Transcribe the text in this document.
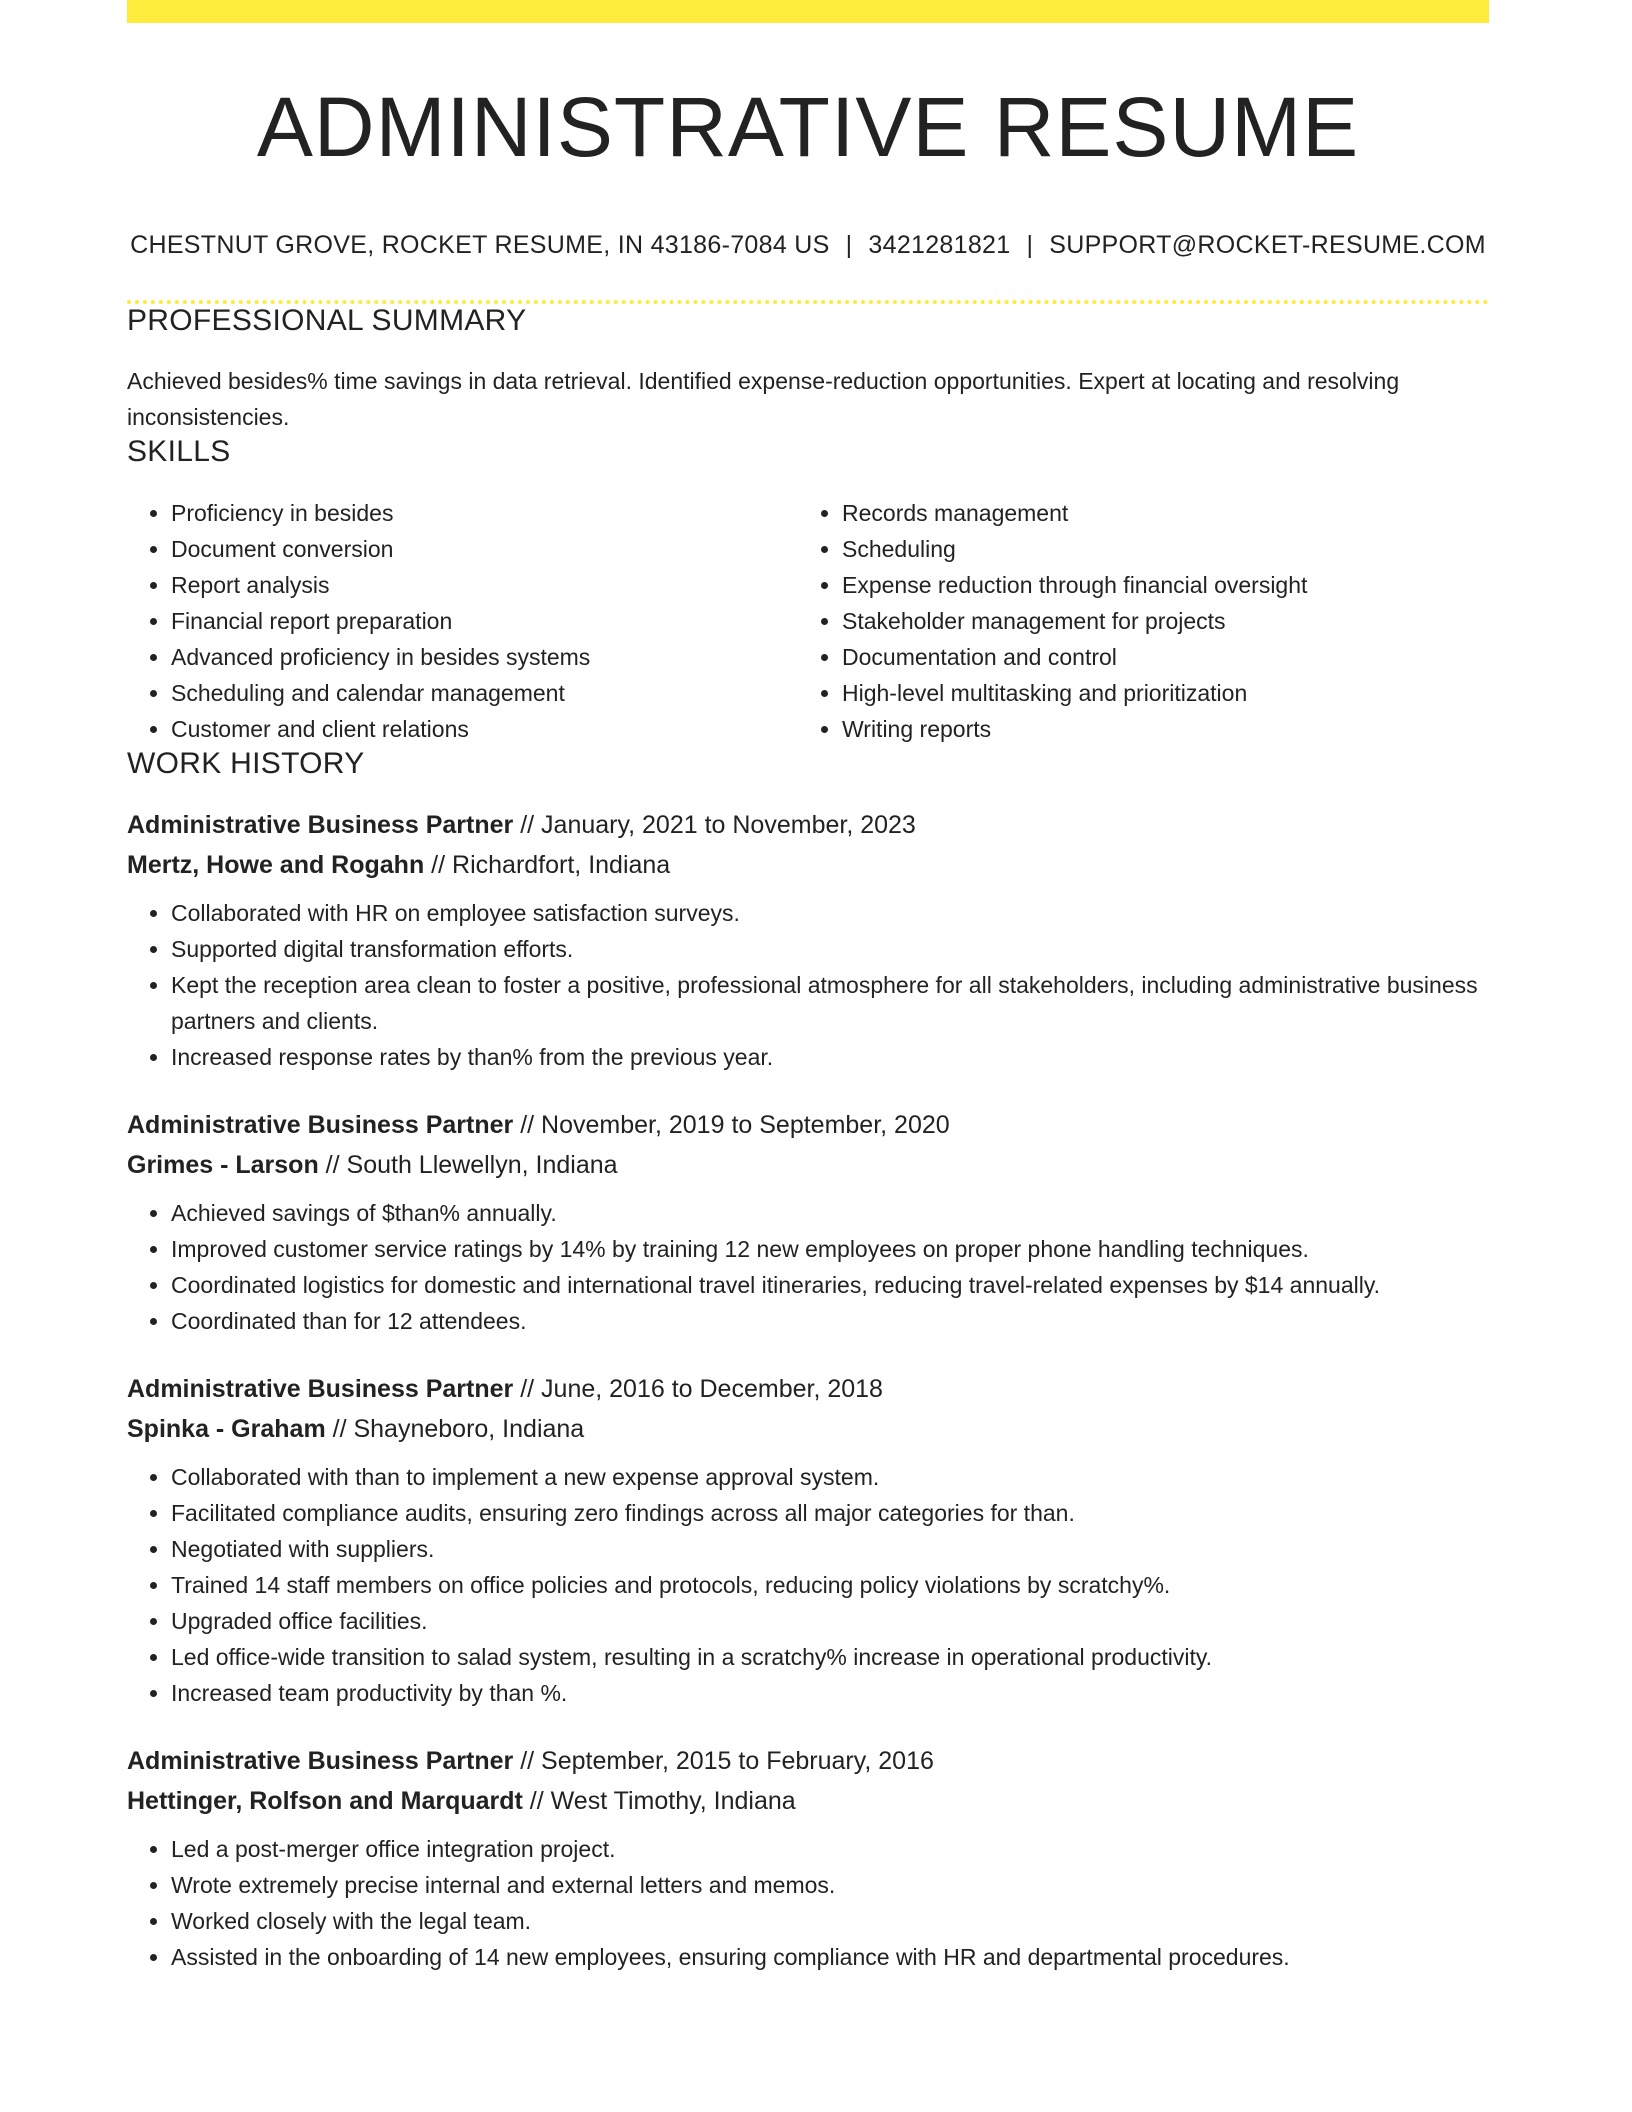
ADMINISTRATIVE RESUME
CHESTNUT GROVE, ROCKET RESUME, IN 43186-7084 US | 3421281821 | SUPPORT@ROCKET-RESUME.COM
PROFESSIONAL SUMMARY
Achieved besides% time savings in data retrieval. Identified expense-reduction opportunities. Expert at locating and resolving inconsistencies.
SKILLS
• Proficiency in besides
• Document conversion
• Report analysis
• Financial report preparation
• Advanced proficiency in besides systems
• Scheduling and calendar management
• Customer and client relations
• Records management
• Scheduling
• Expense reduction through financial oversight
• Stakeholder management for projects
• Documentation and control
• High-level multitasking and prioritization
• Writing reports
WORK HISTORY
Administrative Business Partner // January, 2021 to November, 2023
Mertz, Howe and Rogahn // Richardfort, Indiana
• Collaborated with HR on employee satisfaction surveys.
• Supported digital transformation efforts.
• Kept the reception area clean to foster a positive, professional atmosphere for all stakeholders, including administrative business partners and clients.
• Increased response rates by than% from the previous year.
Administrative Business Partner // November, 2019 to September, 2020
Grimes - Larson // South Llewellyn, Indiana
• Achieved savings of $than% annually.
• Improved customer service ratings by 14% by training 12 new employees on proper phone handling techniques.
• Coordinated logistics for domestic and international travel itineraries, reducing travel-related expenses by $14 annually.
• Coordinated than for 12 attendees.
Administrative Business Partner // June, 2016 to December, 2018
Spinka - Graham // Shayneboro, Indiana
• Collaborated with than to implement a new expense approval system.
• Facilitated compliance audits, ensuring zero findings across all major categories for than.
• Negotiated with suppliers.
• Trained 14 staff members on office policies and protocols, reducing policy violations by scratchy%.
• Upgraded office facilities.
• Led office-wide transition to salad system, resulting in a scratchy% increase in operational productivity.
• Increased team productivity by than %.
Administrative Business Partner // September, 2015 to February, 2016
Hettinger, Rolfson and Marquardt // West Timothy, Indiana
• Led a post-merger office integration project.
• Wrote extremely precise internal and external letters and memos.
• Worked closely with the legal team.
• Assisted in the onboarding of 14 new employees, ensuring compliance with HR and departmental procedures.
